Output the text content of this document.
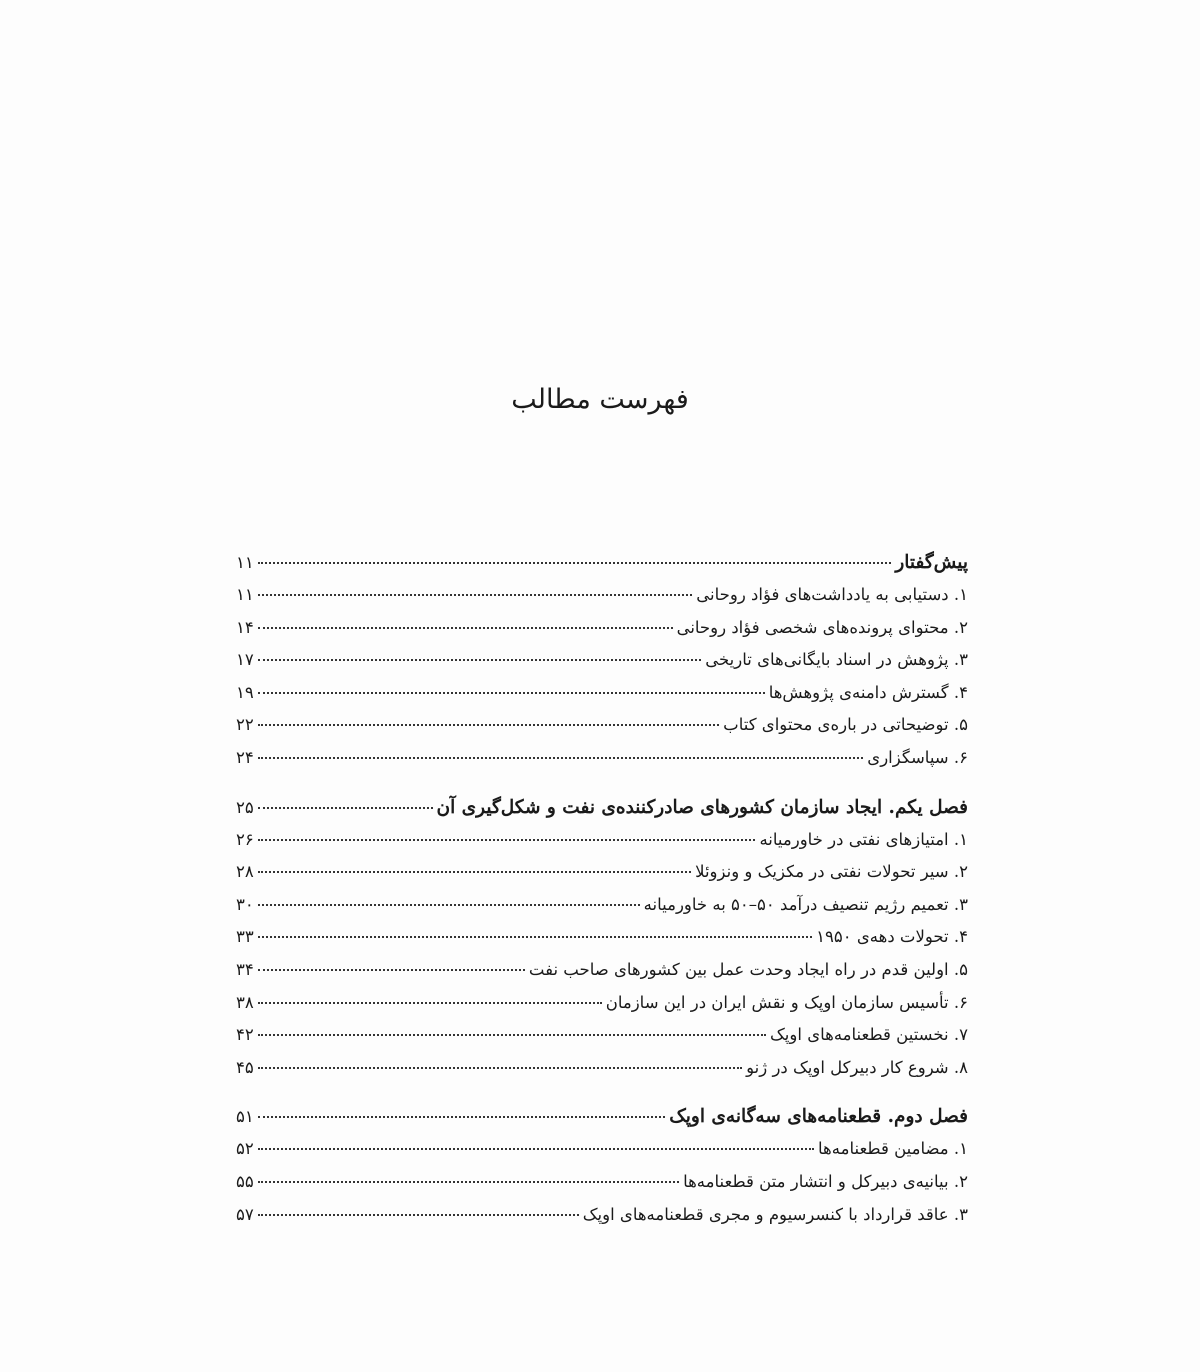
فهرست مطالب
پیش‌گفتار
۱۱
۱. دستیابی به یادداشت‌های فؤاد روحانی
۱۱
۲. محتوای پرونده‌های شخصی فؤاد روحانی
۱۴
۳. پژوهش در اسناد بایگانی‌های تاریخی
۱۷
۴. گسترش دامنه‌ی پژوهش‌ها
۱۹
۵. توضیحاتی در باره‌ی محتوای کتاب
۲۲
۶. سپاسگزاری
۲۴
فصل یکم. ایجاد سازمان کشورهای صادرکننده‌ی نفت و شکل‌گیری آن
۲۵
۱. امتیازهای نفتی در خاورمیانه
۲۶
۲. سیر تحولات نفتی در مکزیک و ونزوئلا
۲۸
۳. تعمیم رژیم تنصیف درآمد ۵۰–۵۰ به خاورمیانه
۳۰
۴. تحولات دهه‌ی ۱۹۵۰
۳۳
۵. اولین قدم در راه ایجاد وحدت عمل بین کشورهای صاحب نفت
۳۴
۶. تأسیس سازمان اوپک و نقش ایران در این سازمان
۳۸
۷. نخستین قطعنامه‌های اوپک
۴۲
۸. شروع کار دبیرکل اوپک در ژنو
۴۵
فصل دوم. قطعنامه‌های سه‌گانه‌ی اوپک
۵۱
۱. مضامین قطعنامه‌ها
۵۲
۲. بیانیه‌ی دبیرکل و انتشار متن قطعنامه‌ها
۵۵
۳. عاقد قرارداد با کنسرسیوم و مجری قطعنامه‌های اوپک
۵۷
